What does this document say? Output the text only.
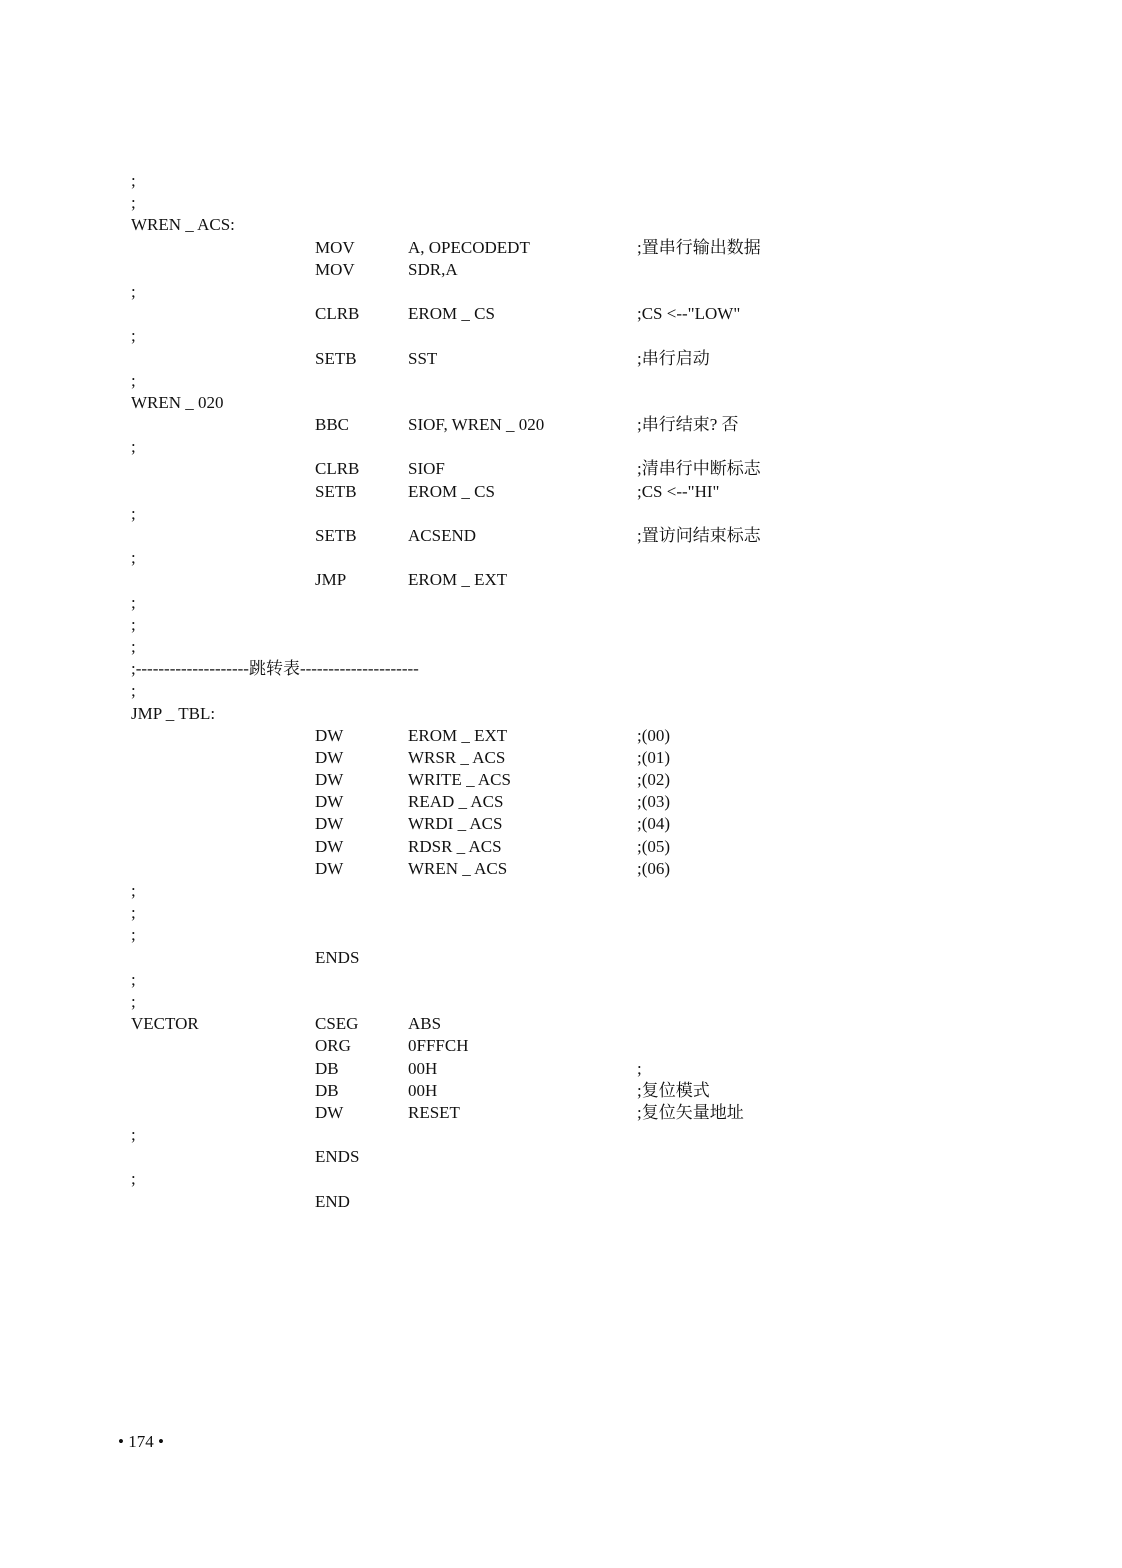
;
;
WREN _ ACS:
MOV	A, OPECODEDT	;置串行输出数据
MOV	SDR,A
;
CLRB	EROM _ CS	;CS <--"LOW"
;
SETB	SST	;串行启动
;
WREN _ 020
BBC	SIOF, WREN _ 020	;串行结束? 否
;
CLRB	SIOF	;清串行中断标志
SETB	EROM _ CS	;CS <--"HI"
;
SETB	ACSEND	;置访问结束标志
;
JMP	EROM _ EXT
;
;
;
;--------------------跳转表---------------------
;
JMP _ TBL:
DW	EROM _ EXT	;(00)
DW	WRSR _ ACS	;(01)
DW	WRITE _ ACS	;(02)
DW	READ _ ACS	;(03)
DW	WRDI _ ACS	;(04)
DW	RDSR _ ACS	;(05)
DW	WREN _ ACS	;(06)
;
;
;
ENDS
;
;
VECTOR	CSEG	ABS
ORG	0FFFCH
DB	00H	;
DB	00H	;复位模式
DW	RESET	;复位矢量地址
;
ENDS
;
END
• 174 •
